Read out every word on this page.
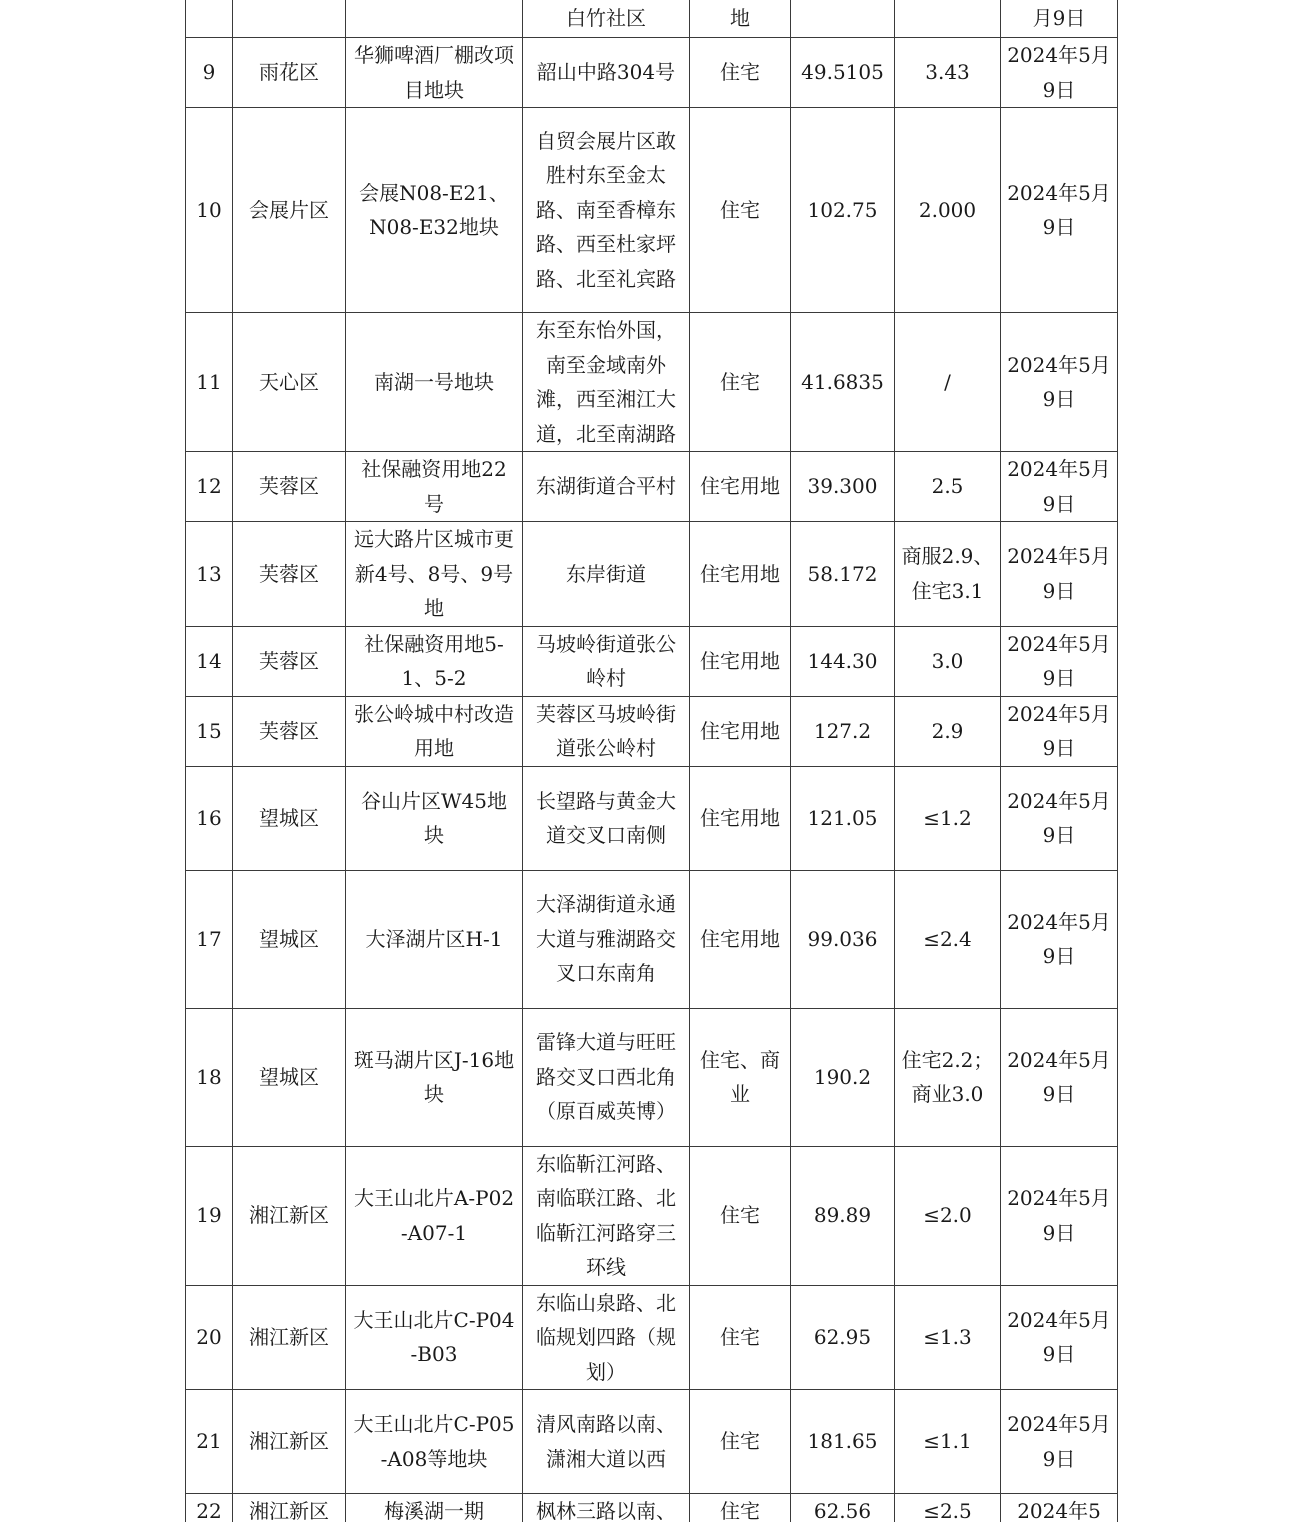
			白竹社区	地			月9日
9	雨花区	华狮啤酒厂棚改项目地块	韶山中路304号	住宅	49.5105	3.43	2024年5月9日
10	会展片区	会展N08-E21、N08-E32地块	自贸会展片区敢胜村东至金太路、南至香樟东路、西至杜家坪路、北至礼宾路	住宅	102.75	2.000	2024年5月9日
11	天心区	南湖一号地块	东至东怡外国，南至金域南外滩，西至湘江大道，北至南湖路	住宅	41.6835	/	2024年5月9日
12	芙蓉区	社保融资用地22号	东湖街道合平村	住宅用地	39.300	2.5	2024年5月9日
13	芙蓉区	远大路片区城市更新4号、8号、9号地	东岸街道	住宅用地	58.172	商服2.9、住宅3.1	2024年5月9日
14	芙蓉区	社保融资用地5-1、5-2	马坡岭街道张公岭村	住宅用地	144.30	3.0	2024年5月9日
15	芙蓉区	张公岭城中村改造用地	芙蓉区马坡岭街道张公岭村	住宅用地	127.2	2.9	2024年5月9日
16	望城区	谷山片区W45地块	长望路与黄金大道交叉口南侧	住宅用地	121.05	≤1.2	2024年5月9日
17	望城区	大泽湖片区H-1	大泽湖街道永通大道与雅湖路交叉口东南角	住宅用地	99.036	≤2.4	2024年5月9日
18	望城区	斑马湖片区J-16地块	雷锋大道与旺旺路交叉口西北角（原百威英博）	住宅、商业	190.2	住宅2.2；商业3.0	2024年5月9日
19	湘江新区	大王山北片A-P02-A07-1	东临靳江河路、南临联江路、北临靳江河路穿三环线	住宅	89.89	≤2.0	2024年5月9日
20	湘江新区	大王山北片C-P04-B03	东临山泉路、北临规划四路（规划）	住宅	62.95	≤1.3	2024年5月9日
21	湘江新区	大王山北片C-P05-A08等地块	清风南路以南、潇湘大道以西	住宅	181.65	≤1.1	2024年5月9日
22	湘江新区	梅溪湖一期	枫林三路以南、	住宅	62.56	≤2.5	2024年5
